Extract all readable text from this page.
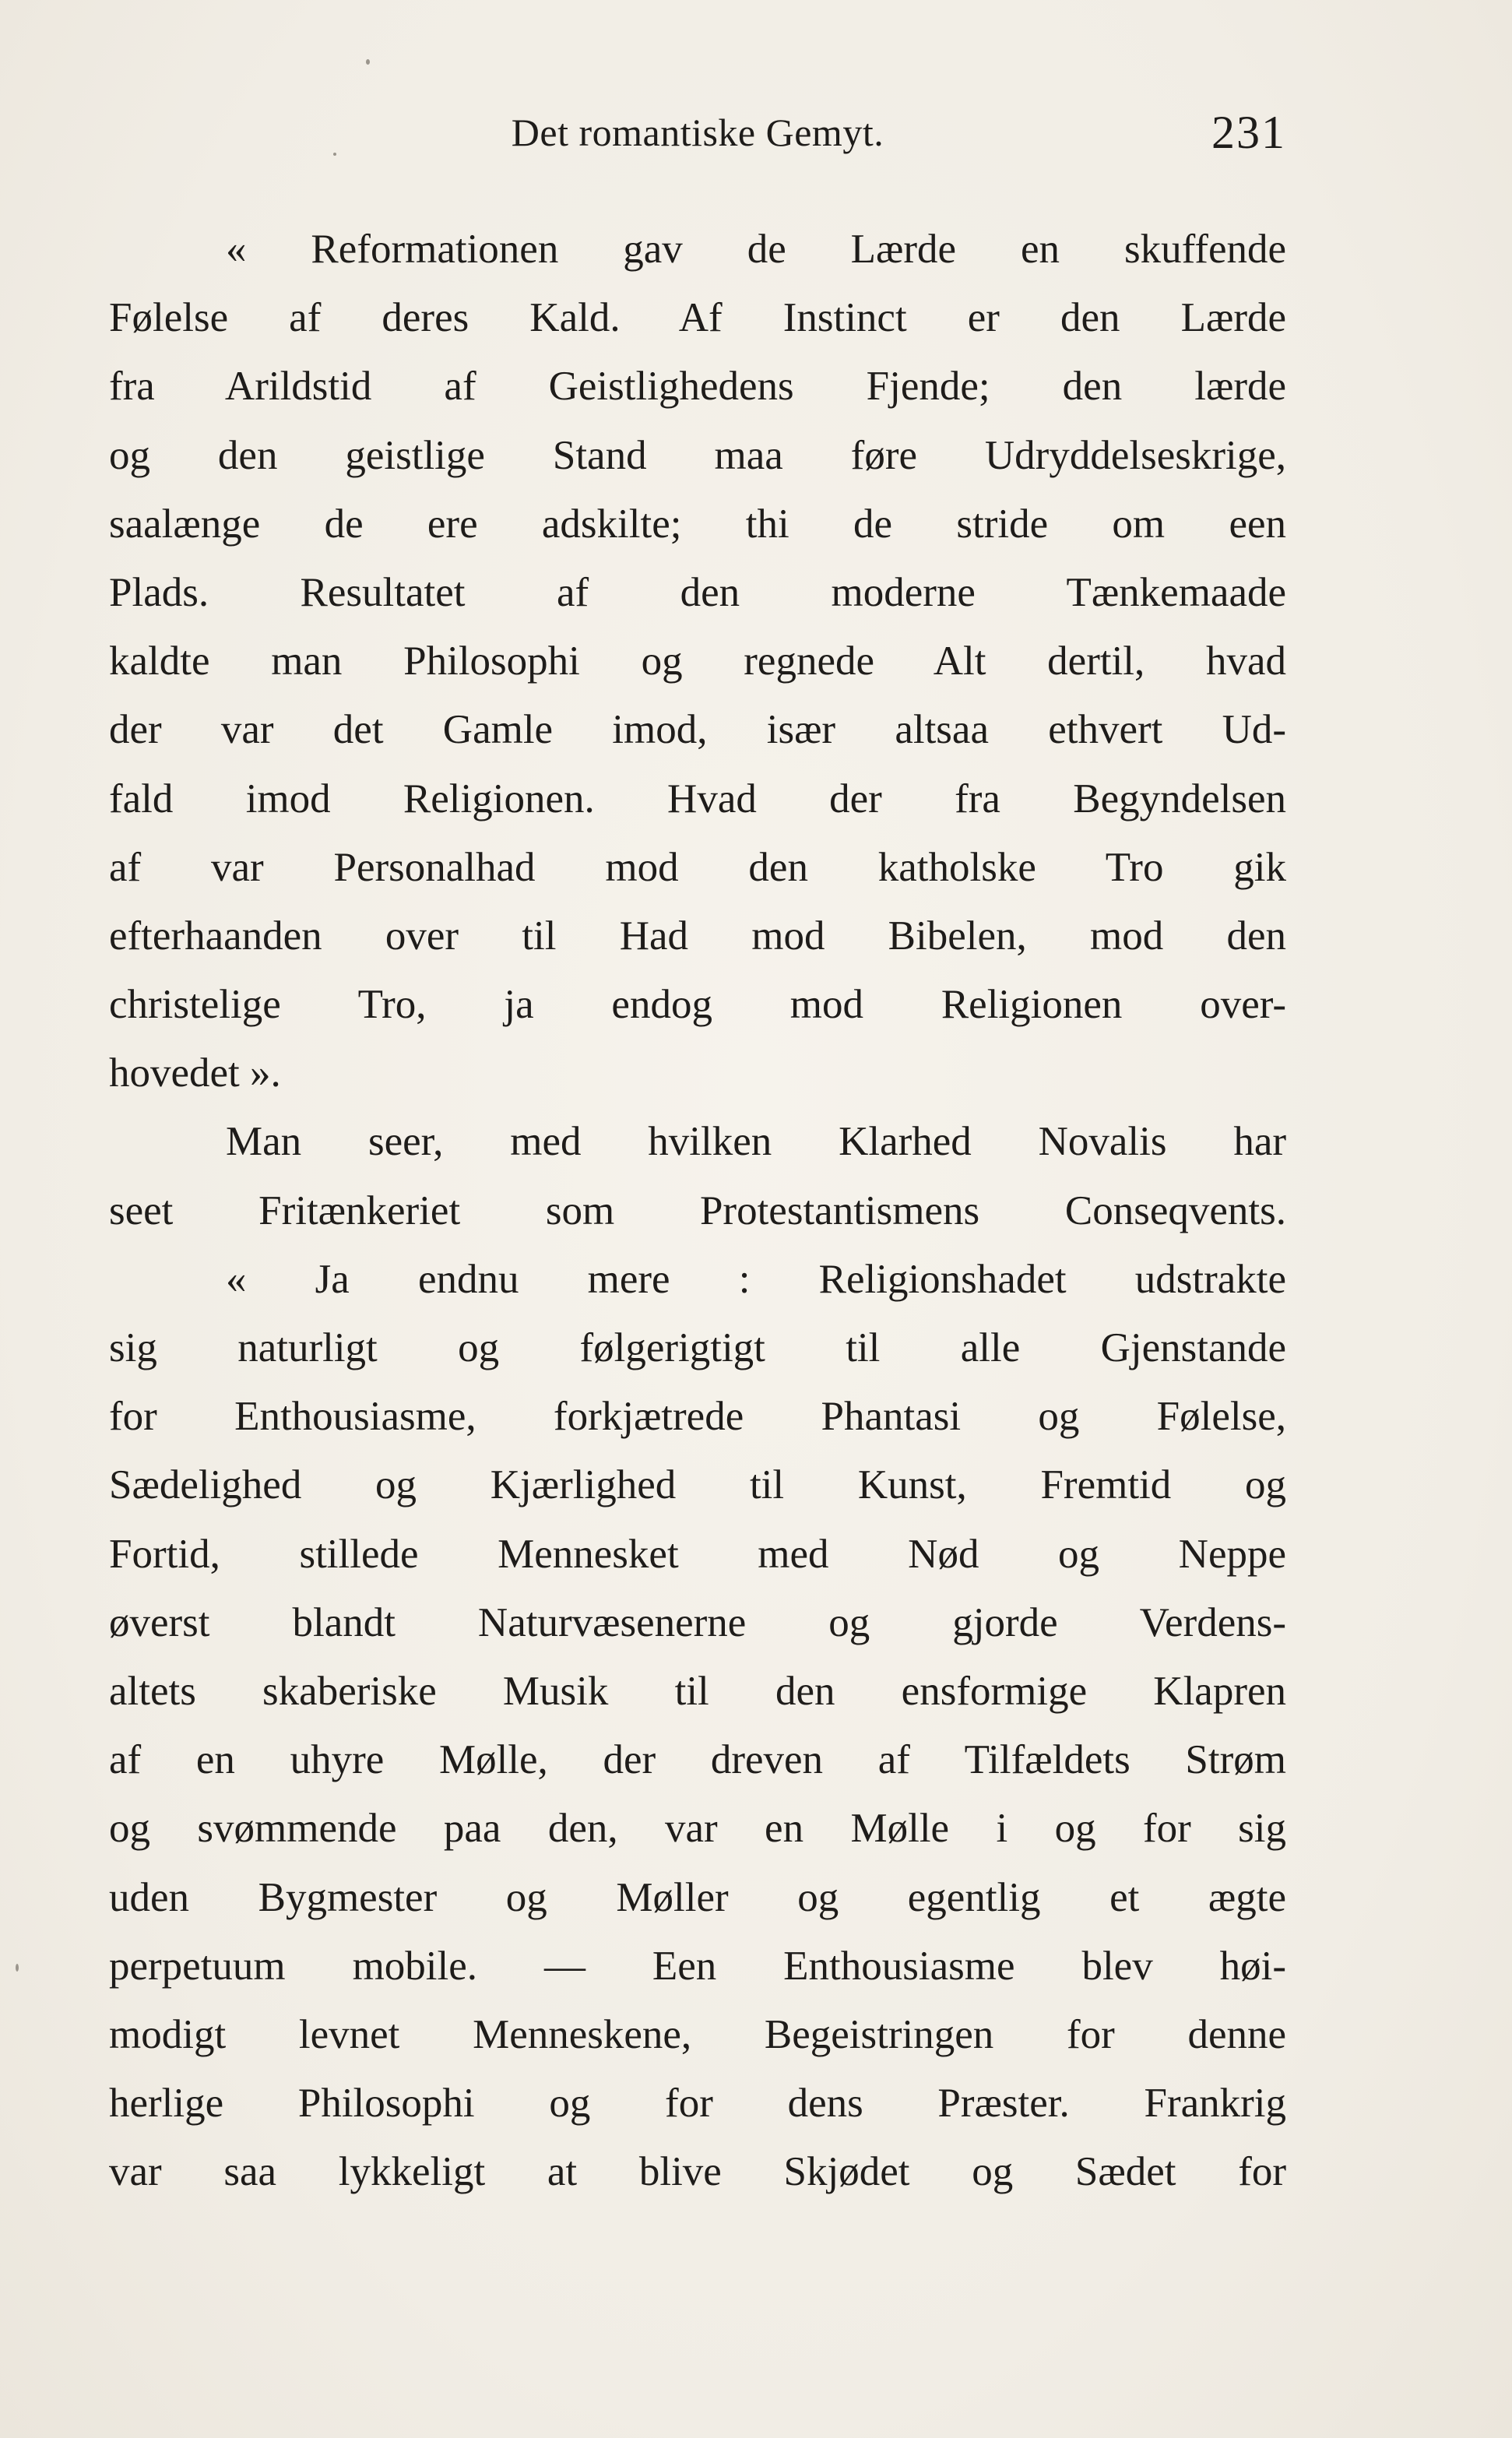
Det romantiske Gemyt.	231
« Reformationen gav de Lærde en skuffende
Følelse af deres Kald. Af Instinct er den Lærde
fra Arildstid af Geistlighedens Fjende; den lærde
og den geistlige Stand maa føre Udryddelseskrige,
saalænge de ere adskilte; thi de stride om een
Plads. Resultatet af den moderne Tænkemaade
kaldte man Philosophi og regnede Alt dertil, hvad
der var det Gamle imod, især altsaa ethvert Ud-
fald imod Religionen. Hvad der fra Begyndelsen
af var Personalhad mod den katholske Tro gik
efterhaanden over til Had mod Bibelen, mod den
christelige Tro, ja endog mod Religionen over-
hovedet ».
Man seer, med hvilken Klarhed Novalis har
seet Fritænkeriet som Protestantismens Conseqvents.
« Ja endnu mere : Religionshadet udstrakte
sig naturligt og følgerigtigt til alle Gjenstande
for Enthousiasme, forkjætrede Phantasi og Følelse,
Sædelighed og Kjærlighed til Kunst, Fremtid og
Fortid, stillede Mennesket med Nød og Neppe
øverst blandt Naturvæsenerne og gjorde Verdens-
altets skaberiske Musik til den ensformige Klapren
af en uhyre Mølle, der dreven af Tilfældets Strøm
og svømmende paa den, var en Mølle i og for sig
uden Bygmester og Møller og egentlig et ægte
perpetuum mobile. — Een Enthousiasme blev høi-
modigt levnet Menneskene, Begeistringen for denne
herlige Philosophi og for dens Præster. Frankrig
var saa lykkeligt at blive Skjødet og Sædet for
